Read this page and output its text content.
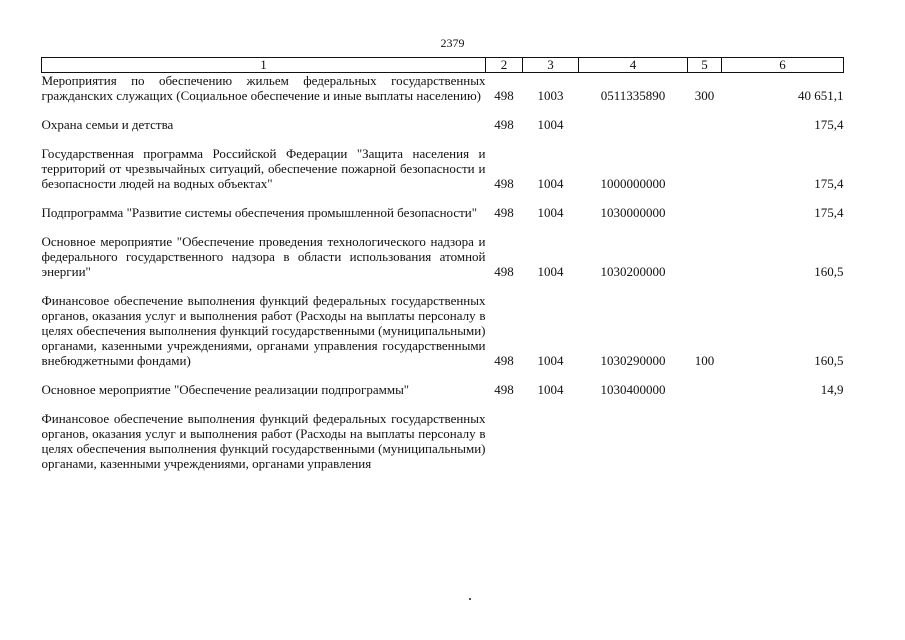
2379
1	2	3	4	5	6

Мероприятия по обеспечению жильем федеральных государственных гражданских служащих (Социальное обеспечение и иные выплаты населению)	498	1003	0511335890	300	40 651,1

Охрана семьи и детства	498	1004			175,4

Государственная программа Российской Федерации "Защита населения и территорий от чрезвычайных ситуаций, обеспечение пожарной безопасности и безопасности людей на водных объектах"	498	1004	1000000000		175,4

Подпрограмма "Развитие системы обеспечения промышленной безопасности"	498	1004	1030000000		175,4

Основное мероприятие "Обеспечение проведения технологического надзора и федерального государственного надзора в области использования атомной энергии"	498	1004	1030200000		160,5

Финансовое обеспечение выполнения функций федеральных государственных органов, оказания услуг и выполнения работ (Расходы на выплаты персоналу в целях обеспечения выполнения функций государственными (муниципальными) органами, казенными учреждениями, органами управления государственными внебюджетными фондами)	498	1004	1030290000	100	160,5

Основное мероприятие "Обеспечение реализации подпрограммы"	498	1004	1030400000		14,9

Финансовое обеспечение выполнения функций федеральных государственных органов, оказания услуг и выполнения работ (Расходы на выплаты персоналу в целях обеспечения выполнения функций государственными (муниципальными) органами, казенными учреждениями, органами управления					
